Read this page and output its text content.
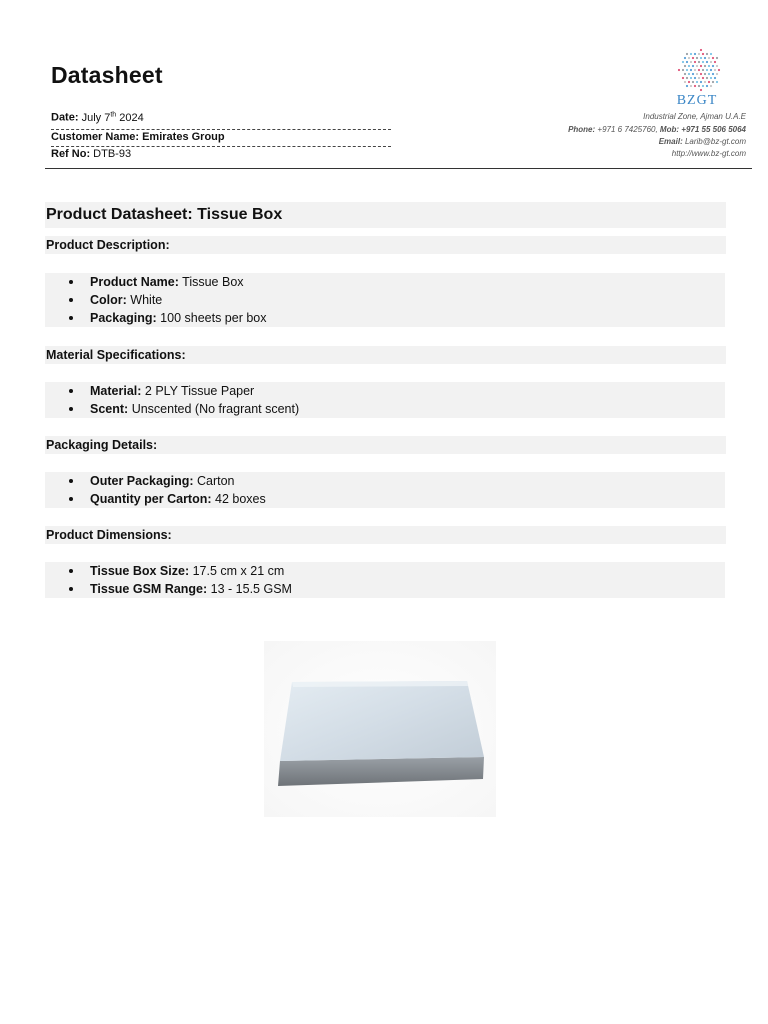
Datasheet
Date: July 7th 2024
Customer Name: Emirates Group
Ref No: DTB-93
BZGT
Industrial Zone, Ajman U.A.E
Phone: +971 6 7425760, Mob: +971 55 506 5064
Email: Larib@bz-gt.com
http://www.bz-gt.com
Product Datasheet: Tissue Box
Product Description:
Product Name: Tissue Box
Color: White
Packaging: 100 sheets per box
Material Specifications:
Material: 2 PLY Tissue Paper
Scent: Unscented (No fragrant scent)
Packaging Details:
Outer Packaging: Carton
Quantity per Carton: 42 boxes
Product Dimensions:
Tissue Box Size: 17.5 cm x 21 cm
Tissue GSM Range: 13 - 15.5 GSM
